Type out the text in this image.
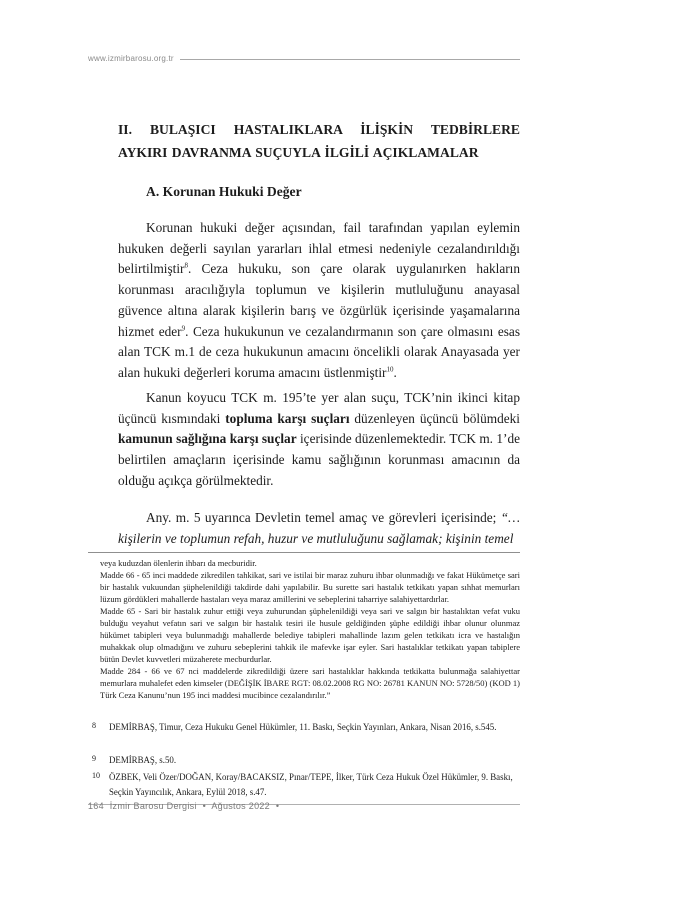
www.izmirbarosu.org.tr
II. BULAŞICI HASTALIKLARA İLİŞKİN TEDBİRLERE
AYKIRI DAVRANMA SUÇUYLA İLGİLİ AÇIKLAMALAR
A. Korunan Hukuki Değer
Korunan hukuki değer açısından, fail tarafından yapılan eylemin hukuken değerli sayılan yararları ihlal etmesi nedeniyle cezalandırıldığı belirtilmiştir$^8$. Ceza hukuku, son çare olarak uygulanırken hakların korunması aracılığıyla toplumun ve kişilerin mutluluğunu anayasal güvence altına alarak kişilerin barış ve özgürlük içerisinde yaşamalarına hizmet eder$^9$. Ceza hukukunun ve cezalandırmanın son çare olmasını esas alan TCK m.1 de ceza hukukunun amacını öncelikli olarak Anayasada yer alan hukuki değerleri koruma amacını üstlenmiştir$^{10}$.
Kanun koyucu TCK m. 195’te yer alan suçu, TCK’nin ikinci kitap üçüncü kısmındaki topluma karşı suçları düzenleyen üçüncü bölümdeki kamunun sağlığına karşı suçlar içerisinde düzenlemektedir. TCK m. 1’de belirtilen amaçların içerisinde kamu sağlığının korunması amacının da olduğu açıkça görülmektedir.
Any. m. 5 uyarınca Devletin temel amaç ve görevleri içerisinde; “… kişilerin ve toplumun refah, huzur ve mutluluğunu sağlamak; kişinin temel

veya kuduzdan ölenlerin ihbarı da mecburidir.

Madde 66 - 65 inci maddede zikredilen tahkikat, sari ve istilai bir maraz zuhuru ihbar olunmadığı ve fakat Hükümetçe sari bir hastalık vukuundan şüphelenildiği takdirde dahi yapılabilir. Bu surette sari hastalık tetkikatı yapan sıhhat memurları lüzum gördükleri mahallerde hastaları veya maraz amillerini ve sebeplerini taharriye salahiyettardırlar.

Madde 65 - Sari bir hastalık zuhur ettiği veya zuhurundan şüphelenildiği veya sari ve salgın bir hastalıktan vefat vuku bulduğu veyahut vefatın sari ve salgın bir hastalık tesiri ile husule geldiğinden şüphe edildiği ihbar olunur olunmaz hükümet tabipleri veya bulunmadığı mahallerde belediye tabipleri mahallinde lazım gelen tetkikatı icra ve hastalığın muhakkak olup olmadığını ve zuhuru sebeplerini tahkik ile mafevke işar eyler. Sari hastalıklar tetkikatı yapan tabiplere bütün Devlet kuvvetleri müzaherete mecburdurlar.

Madde 284 - 66 ve 67 nci maddelerde zikredildiği üzere sari hastalıklar hakkında tetkikatta bulunmağa salahiyettar memurlara muhalefet eden kimseler (DEĞİŞİK İBARE RGT: 08.02.2008 RG NO: 26781 KANUN NO: 5728/50) (KOD 1) Türk Ceza Kanunu’nun 195 inci maddesi mucibince cezalandırılır.”

8 DEMİRBAŞ, Timur, Ceza Hukuku Genel Hükümler, 11. Baskı, Seçkin Yayınları, Ankara, Nisan 2016, s.545.
9 DEMİRBAŞ, s.50.
10 ÖZBEK, Veli Özer/DOĞAN, Koray/BACAKSIZ, Pınar/TEPE, İlker, Türk Ceza Hukuk Özel Hükümler, 9. Baskı, Seçkin Yayıncılık, Ankara, Eylül 2018, s.47.
164 İzmir Barosu Dergisi • Ağustos 2022 •
